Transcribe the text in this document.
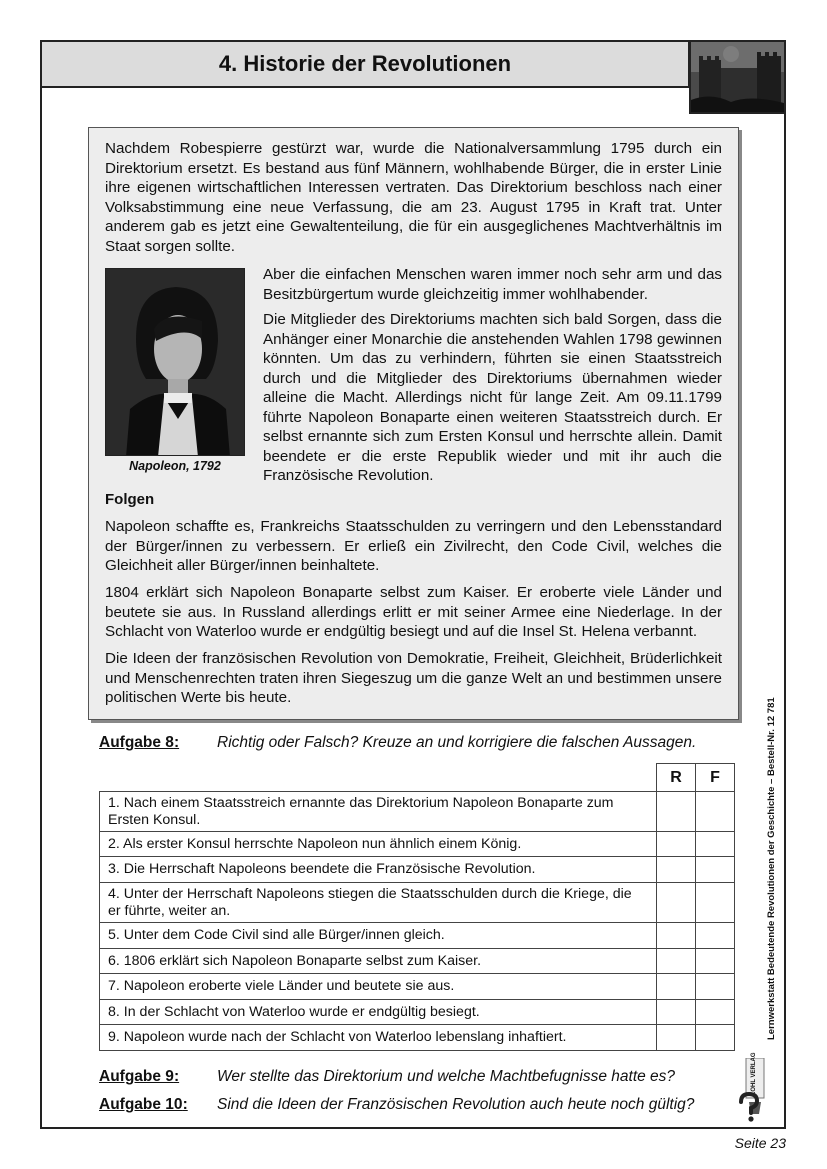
4. Historie der Revolutionen

Nachdem Robespierre gestürzt war, wurde die Nationalversammlung 1795 durch ein Direktorium ersetzt. Es bestand aus fünf Männern, wohlhabende Bürger, die in erster Linie ihre eigenen wirtschaftlichen Interessen vertraten. Das Direktorium beschloss nach einer Volksabstimmung eine neue Verfassung, die am 23. August 1795 in Kraft trat. Unter anderem gab es jetzt eine Gewaltenteilung, die für ein ausgeglichenes Machtverhältnis im Staat sorgen sollte.

Napoleon, 1792

Aber die einfachen Menschen waren immer noch sehr arm und das Besitzbürgertum wurde gleichzeitig immer wohlhabender.

Die Mitglieder des Direktoriums machten sich bald Sorgen, dass die Anhänger einer Monarchie die anstehenden Wahlen 1798 gewinnen könnten. Um das zu verhindern, führten sie einen Staatsstreich durch und die Mitglieder des Direktoriums übernahmen wieder alleine die Macht. Allerdings nicht für lange Zeit. Am 09.11.1799 führte Napoleon Bonaparte einen weiteren Staatsstreich durch. Er selbst ernannte sich zum Ersten Konsul und herrschte allein. Damit beendete er die erste Republik wieder und mit ihr auch die Französische Revolution.

Folgen

Napoleon schaffte es, Frankreichs Staatsschulden zu verringern und den Lebensstandard der Bürger/innen zu verbessern. Er erließ ein Zivilrecht, den Code Civil, welches die Gleichheit aller Bürger/innen beinhaltete.

1804 erklärt sich Napoleon Bonaparte selbst zum Kaiser. Er eroberte viele Länder und beutete sie aus. In Russland allerdings erlitt er mit seiner Armee eine Niederlage. In der Schlacht von Waterloo wurde er endgültig besiegt und auf die Insel St. Helena verbannt.

Die Ideen der französischen Revolution von Demokratie, Freiheit, Gleichheit, Brüderlichkeit und Menschenrechten traten ihren Siegeszug um die ganze Welt an und bestimmen unsere politischen Werte bis heute.

Aufgabe 8: Richtig oder Falsch? Kreuze an und korrigiere die falschen Aussagen.
	R	F
1. Nach einem Staatsstreich ernannte das Direktorium Napoleon Bonaparte zum Ersten Konsul.		
2. Als erster Konsul herrschte Napoleon nun ähnlich einem König.		
3. Die Herrschaft Napoleons beendete die Französische Revolution.		
4. Unter der Herrschaft Napoleons stiegen die Staatsschulden durch die Kriege, die er führte, weiter an.		
5. Unter dem Code Civil sind alle Bürger/innen gleich.		
6. 1806 erklärt sich Napoleon Bonaparte selbst zum Kaiser.		
7. Napoleon eroberte viele Länder und beutete sie aus.		
8. In der Schlacht von Waterloo wurde er endgültig besiegt.		
9. Napoleon wurde nach der Schlacht von Waterloo lebenslang inhaftiert.		
Aufgabe 9: Wer stellte das Direktorium und welche Machtbefugnisse hatte es?
Aufgabe 10: Sind die Ideen der Französischen Revolution auch heute noch gültig?
Lernwerkstatt Bedeutende Revolutionen der Geschichte – Bestell-Nr. 12 781
KOHL VERLAG
Seite 23
